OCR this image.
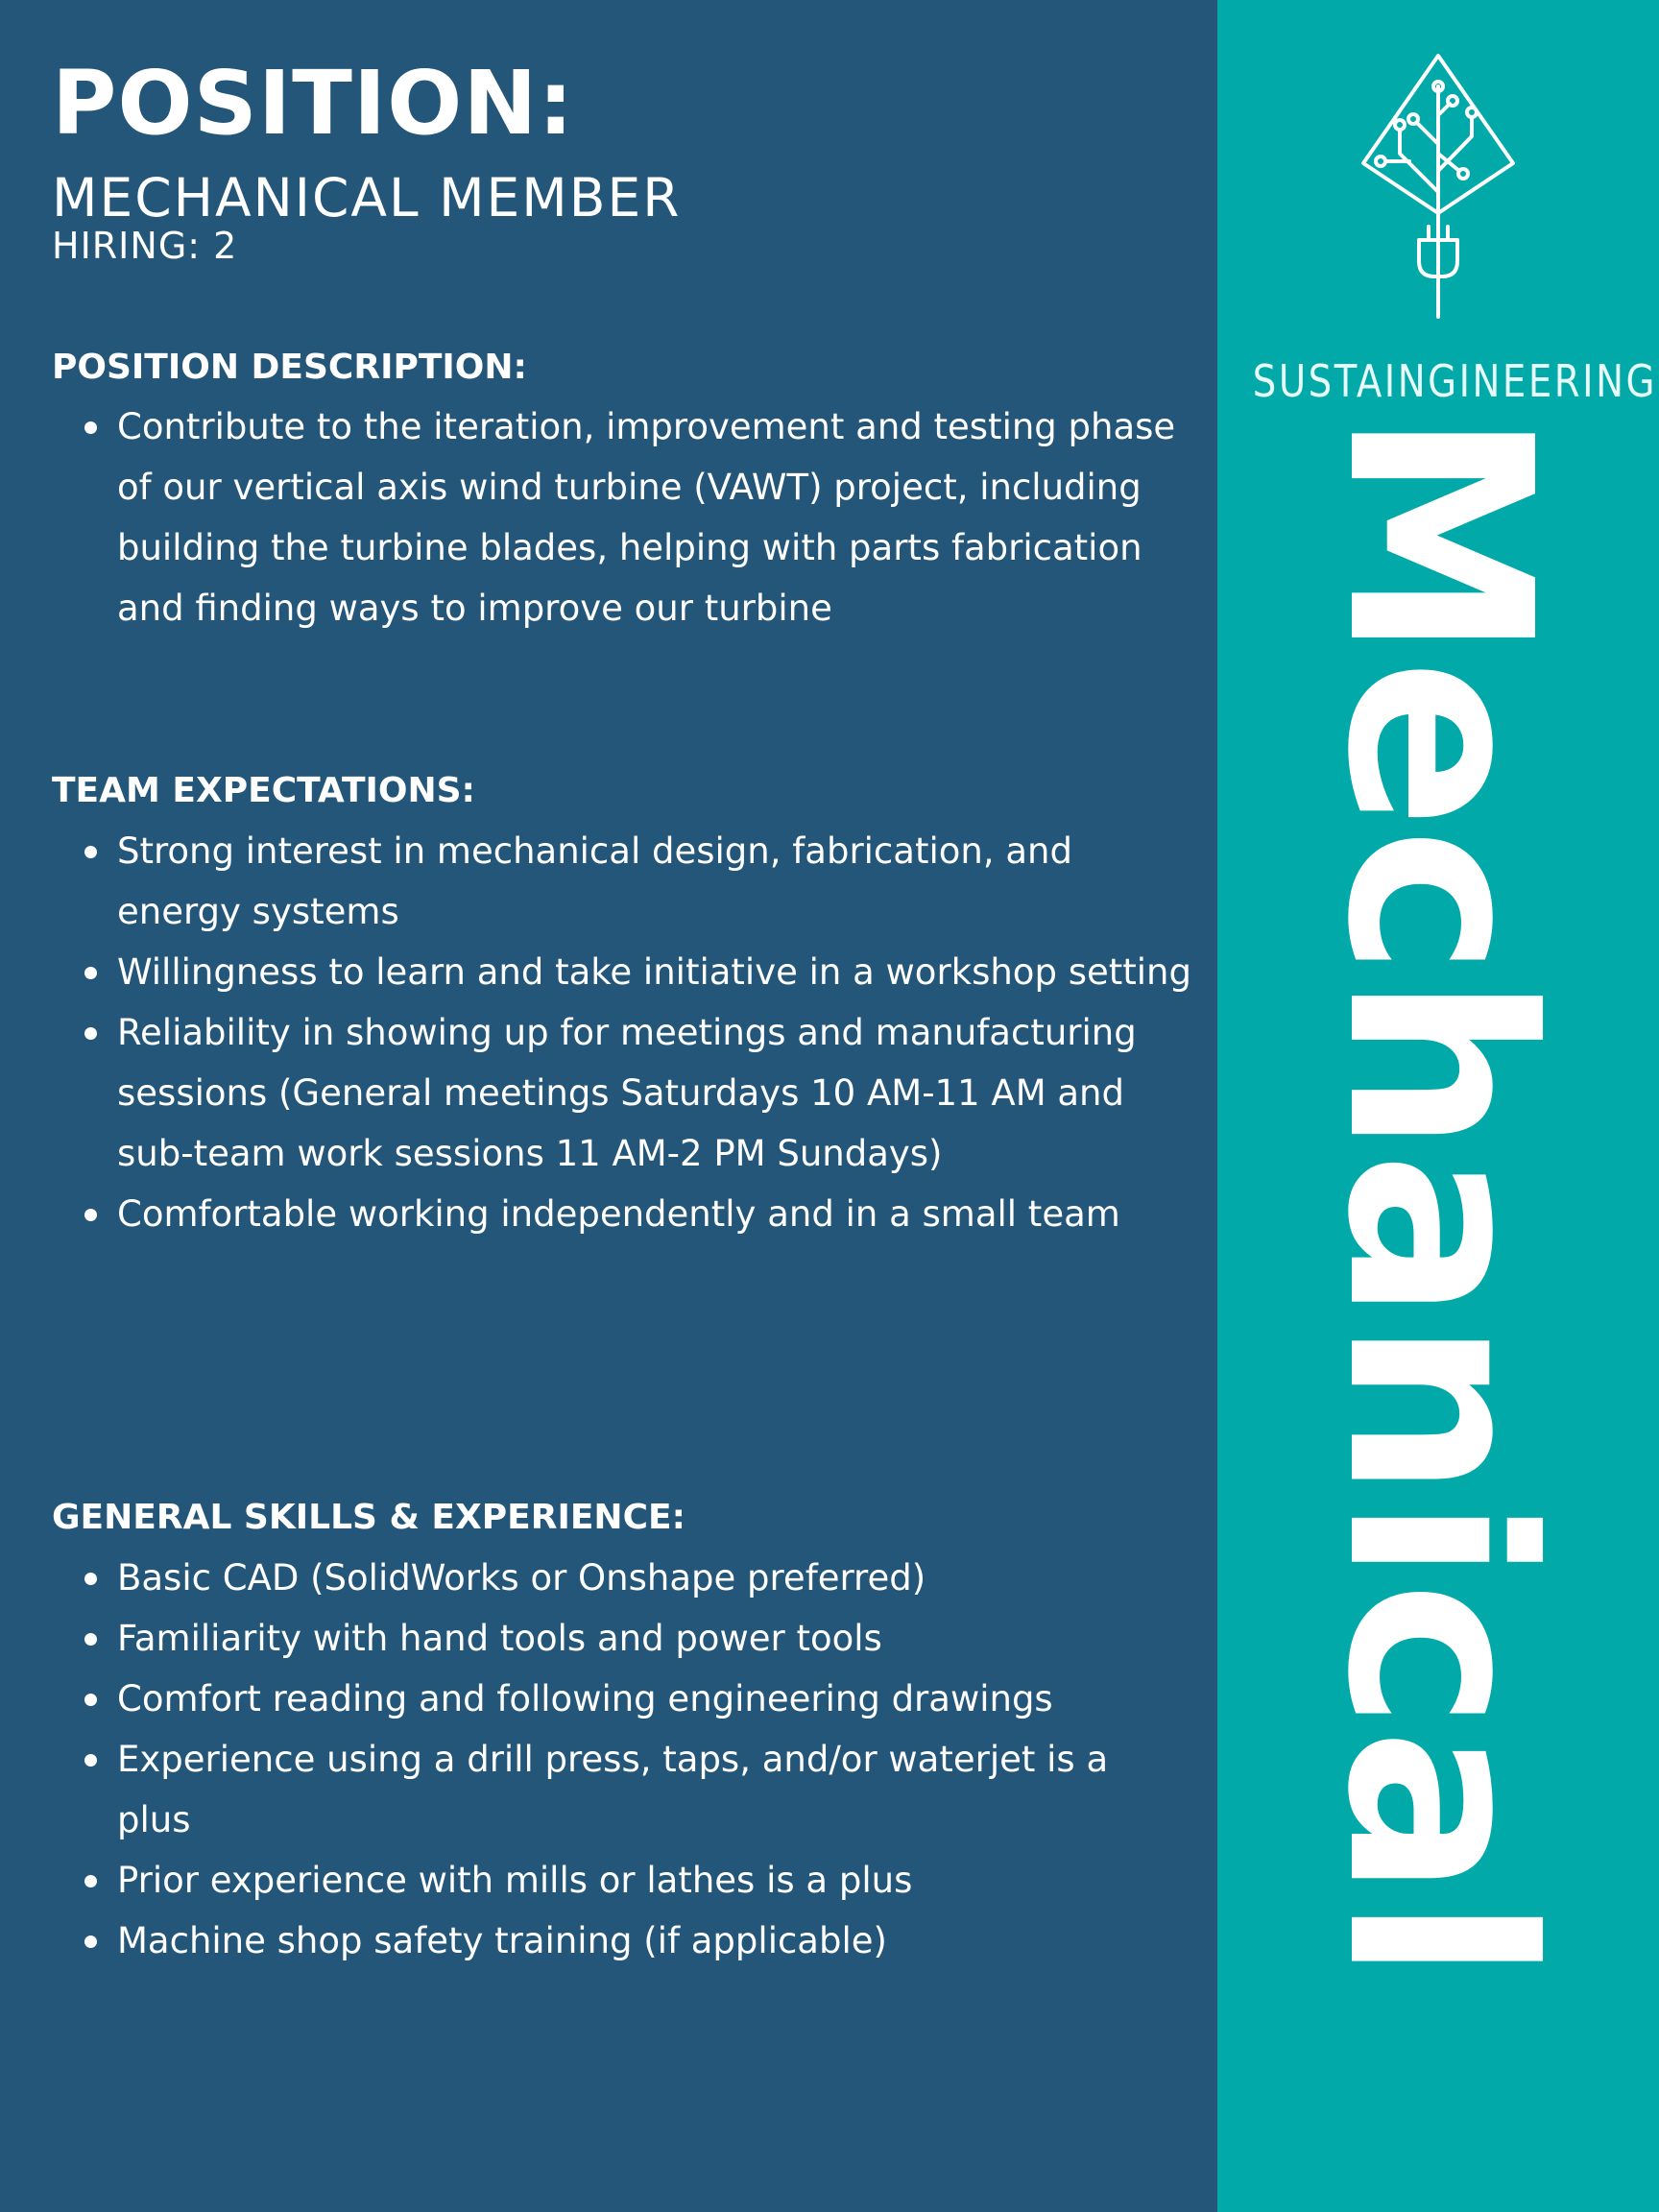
POSITION:
MECHANICAL MEMBER
HIRING: 2
POSITION DESCRIPTION:
Contribute to the iteration, improvement and testing phase of our vertical axis wind turbine (VAWT) project, including building the turbine blades, helping with parts fabrication and finding ways to improve our turbine
TEAM EXPECTATIONS:
Strong interest in mechanical design, fabrication, and energy systems
Willingness to learn and take initiative in a workshop setting
Reliability in showing up for meetings and manufacturing sessions (General meetings Saturdays 10 AM-11 AM and sub-team work sessions 11 AM-2 PM Sundays)
Comfortable working independently and in a small team
GENERAL SKILLS & EXPERIENCE:
Basic CAD (SolidWorks or Onshape preferred)
Familiarity with hand tools and power tools
Comfort reading and following engineering drawings
Experience using a drill press, taps, and/or waterjet is a plus
Prior experience with mills or lathes is a plus
Machine shop safety training (if applicable)
SUSTAINGINEERING
Mechanical
